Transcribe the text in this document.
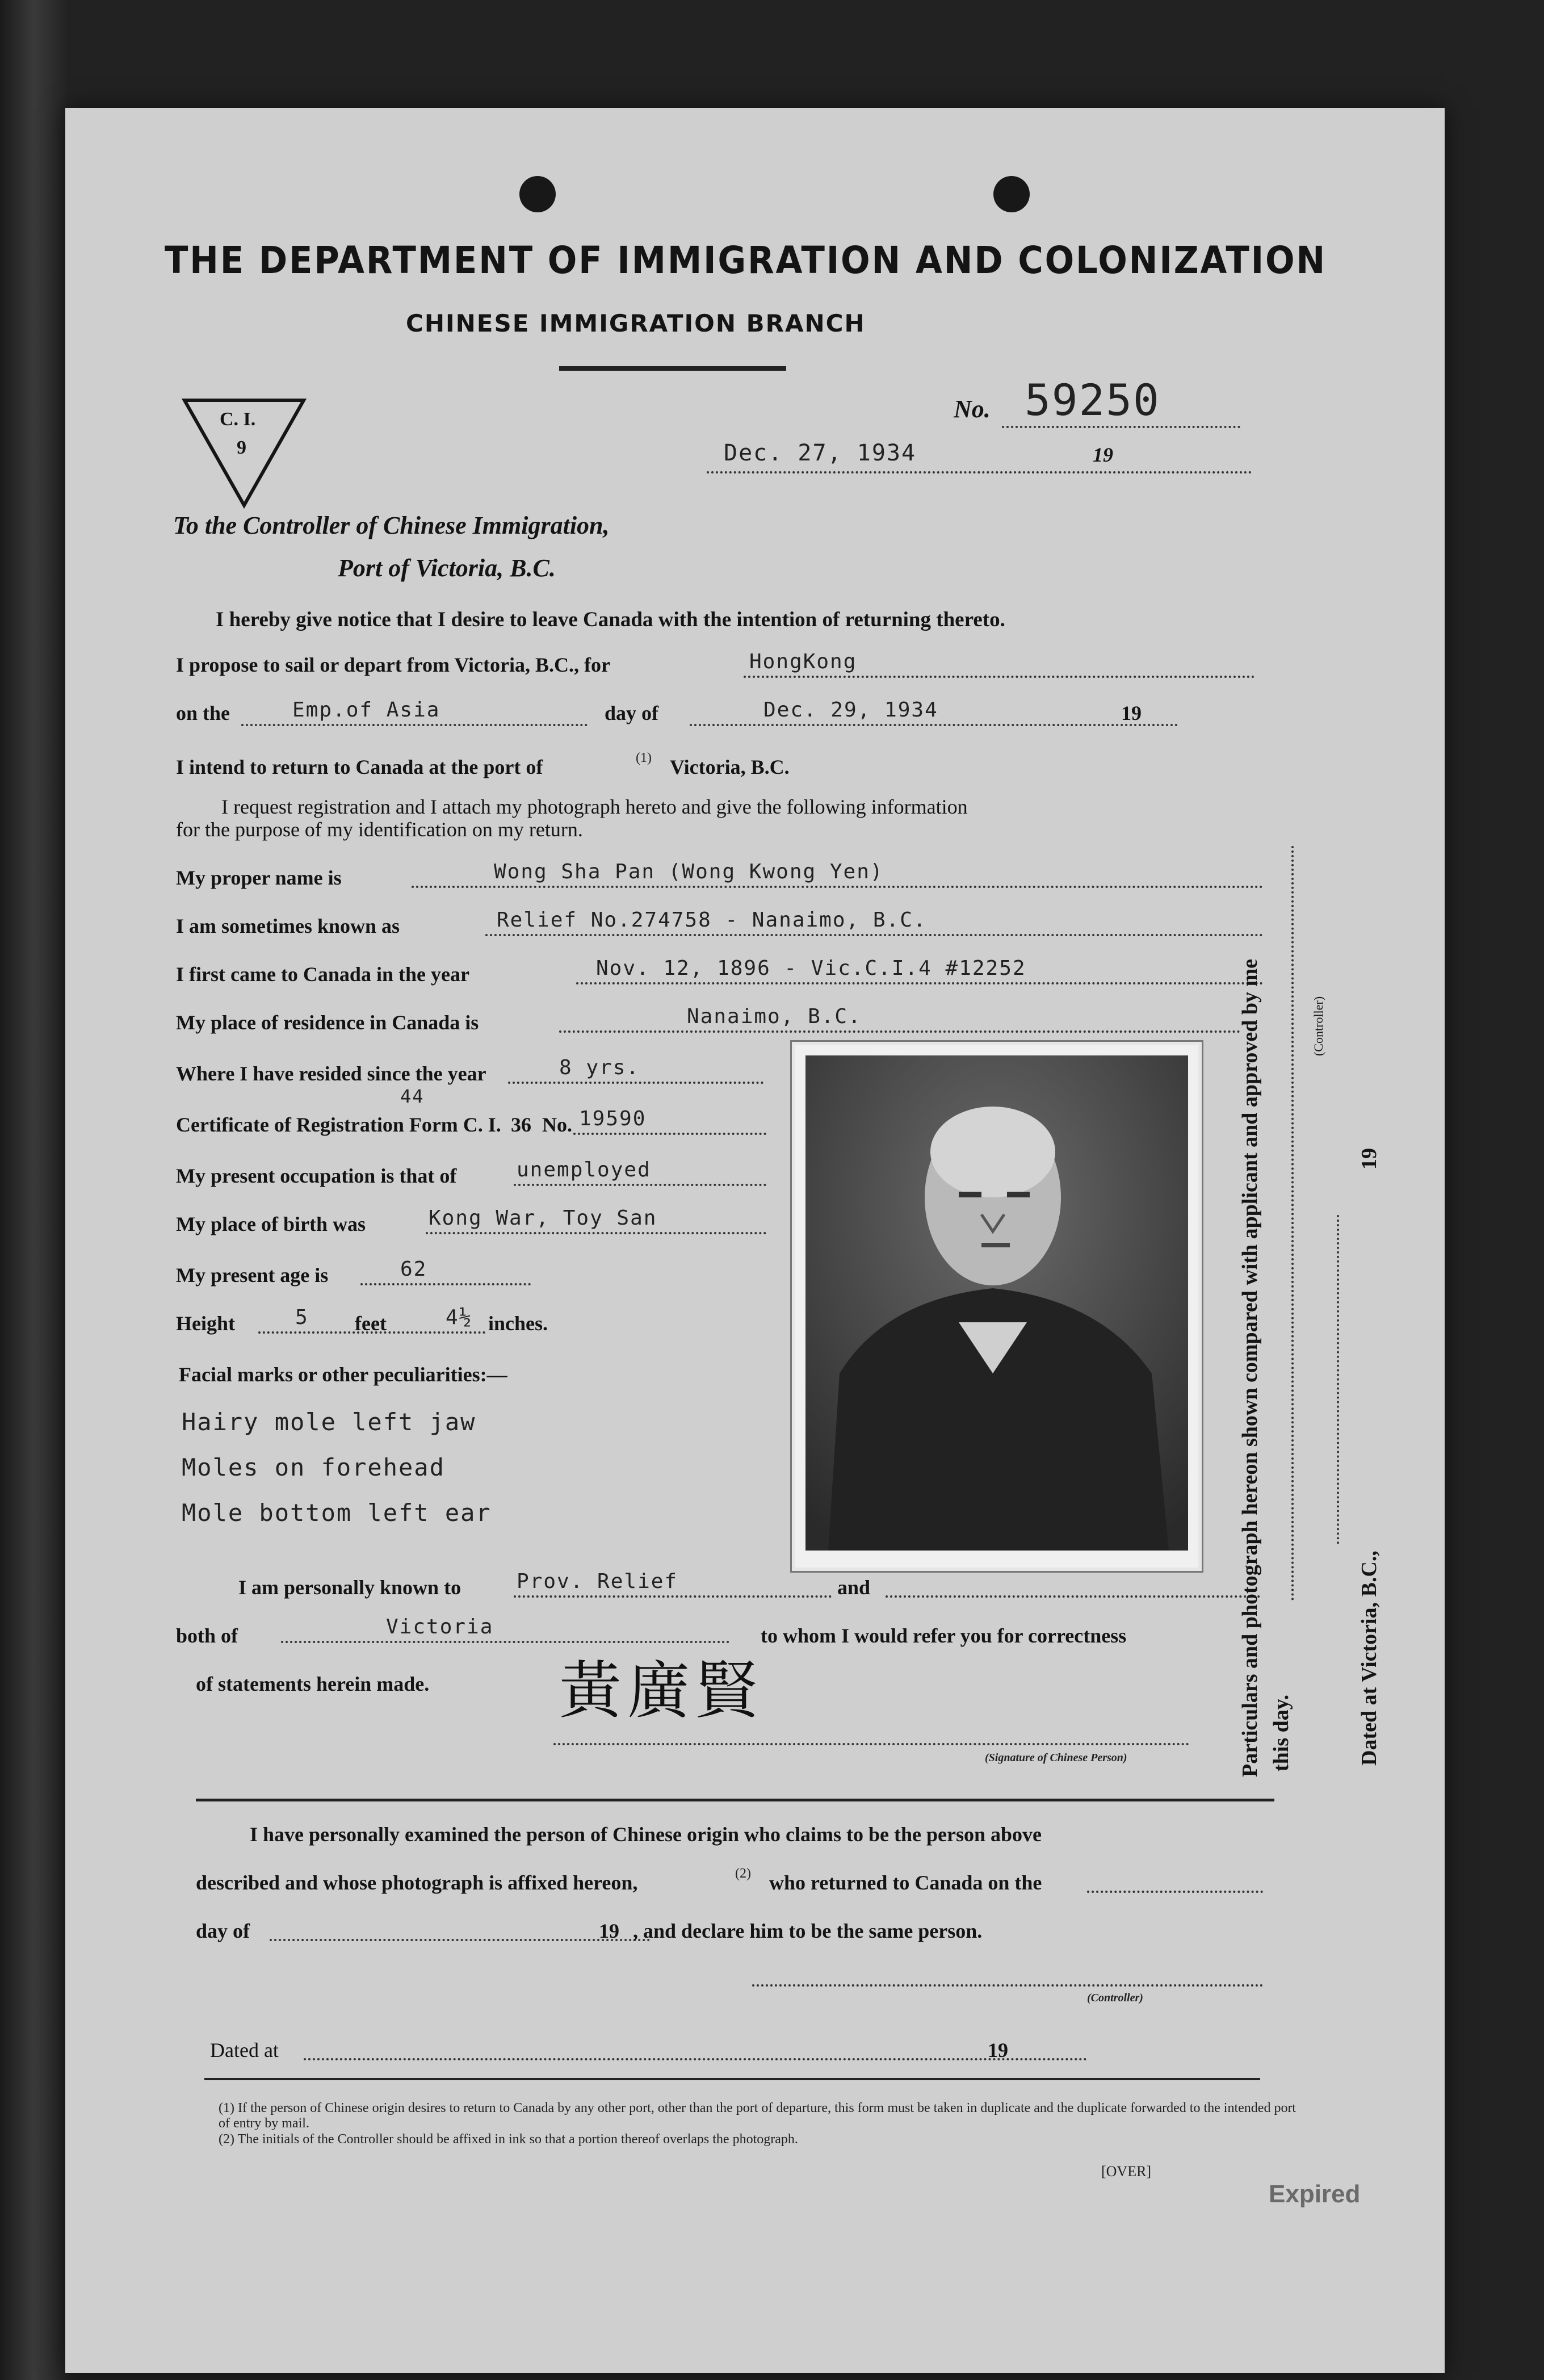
THE DEPARTMENT OF IMMIGRATION AND COLONIZATION
CHINESE IMMIGRATION BRANCH
C. I.
9
No. 59250
Dec. 27, 1934	19
To the Controller of Chinese Immigration,
Port of Victoria, B.C.
I hereby give notice that I desire to leave Canada with the intention of returning thereto.
I propose to sail or depart from Victoria, B.C., for	HongKong
on the	Emp.of Asia	day of	Dec. 29, 1934	19
I intend to return to Canada at the port of	(1) Victoria, B.C.
I request registration and I attach my photograph hereto and give the following information
for the purpose of my identification on my return.
My proper name is	Wong Sha Pan (Wong Kwong Yen)
I am sometimes known as	Relief No.274758 - Nanaimo, B.C.
I first came to Canada in the year	Nov. 12, 1896 - Vic.C.I.4 #12252
My place of residence in Canada is	Nanaimo, B.C.
Where I have resided since the year	8 yrs.
44
Certificate of Registration Form C. I. 36 No. 19590
My present occupation is that of	unemployed
My place of birth was	Kong War, Toy San
My present age is	62
Height	5 feet	4½ inches.
Facial marks or other peculiarities:—
Hairy mole left jaw
Moles on forehead
Mole bottom left ear
I am personally known to	Prov. Relief	and
both of	Victoria	to whom I would refer you for correctness
of statements herein made. 黃廣賢
(Signature of Chinese Person)
I have personally examined the person of Chinese origin who claims to be the person above
described and whose photograph is affixed hereon,	(2) who returned to Canada on the
day of	19 , and declare him to be the same person.
(Controller)
Dated at	19
(1) If the person of Chinese origin desires to return to Canada by any other port, other than the port of departure, this form must be taken in duplicate and the duplicate forwarded to the intended port of entry by mail.
(2) The initials of the Controller should be affixed in ink so that a portion thereof overlaps the photograph.
[OVER]
Expired
Particulars and photograph hereon shown compared with applicant and approved by me this day.
(Controller)
Dated at Victoria, B.C.,
19
